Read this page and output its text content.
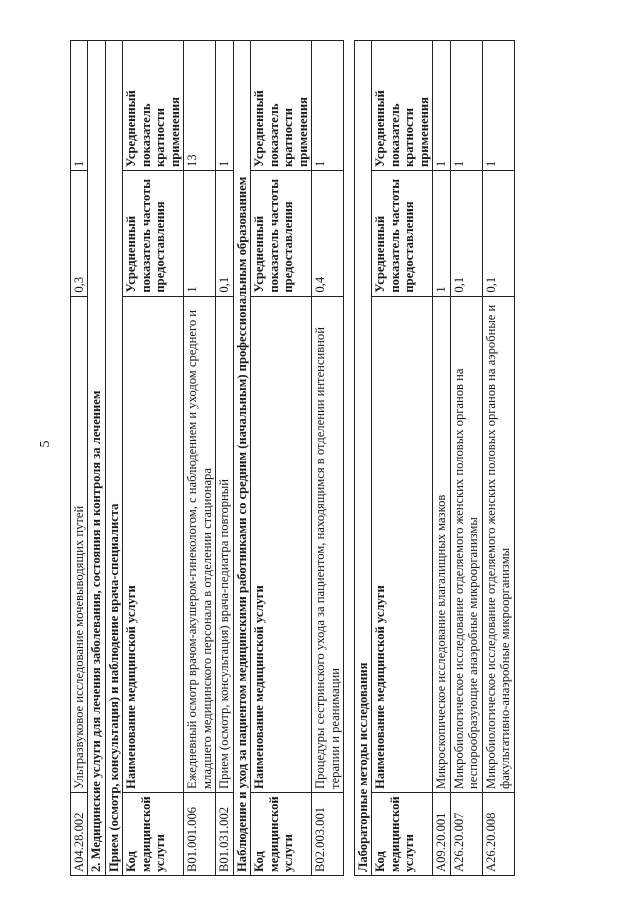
5
A04.28.002	Ультразвуковое исследование мочевыводящих путей	0,3	1
2. Медицинские услуги для лечения заболевания, состояния и контроля за лечением			
Прием (осмотр, консультация) и наблюдение врача-специалиста			
Код медицинской услуги	Наименование медицинской услуги	Усредненный показатель частоты предоставления	Усредненный показатель кратности применения
B01.001.006	Ежедневный осмотр врачом-акушером-гинекологом, с наблюдением и уходом среднего и младшего медицинского персонала в отделении стационара	1	13
B01.031.002	Прием (осмотр, консультация) врача-педиатра повторный	0,1	1
Наблюдение и уход за пациентом медицинскими работниками со средним (начальным) профессиональным образованием			
Код медицинской услуги	Наименование медицинской услуги	Усредненный показатель частоты предоставления	Усредненный показатель кратности применения
B02.003.001	Процедуры сестринского ухода за пациентом, находящимся в отделении интенсивной терапии и реанимации	0,4	1

Лабораторные методы исследования			
Код медицинской услуги	Наименование медицинской услуги	Усредненный показатель частоты предоставления	Усредненный показатель кратности применения
A09.20.001	Микроскопическое исследование влагалищных мазков	1	1
A26.20.007	Микробиологическое исследование отделяемого женских половых органов на неспорообразующие анаэробные микроорганизмы	0,1	1
A26.20.008	Микробиологическое исследование отделяемого женских половых органов на аэробные и факультативно-анаэробные микроорганизмы	0,1	1
